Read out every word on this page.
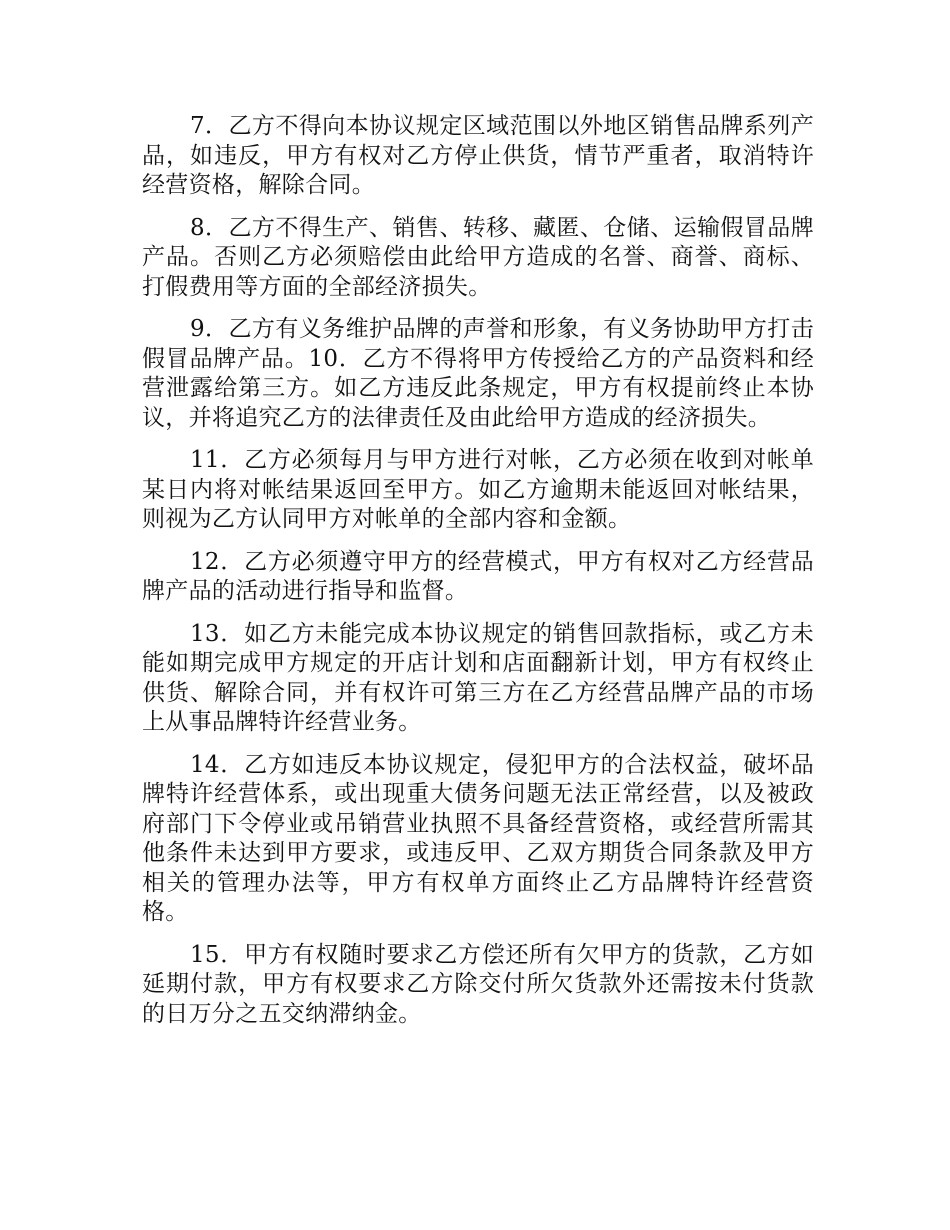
7．乙方不得向本协议规定区域范围以外地区销售品牌系列产品，如违反，甲方有权对乙方停止供货，情节严重者，取消特许经营资格，解除合同。

8．乙方不得生产、销售、转移、藏匿、仓储、运输假冒品牌产品。否则乙方必须赔偿由此给甲方造成的名誉、商誉、商标、打假费用等方面的全部经济损失。

9．乙方有义务维护品牌的声誉和形象，有义务协助甲方打击假冒品牌产品。10．乙方不得将甲方传授给乙方的产品资料和经营泄露给第三方。如乙方违反此条规定，甲方有权提前终止本协议，并将追究乙方的法律责任及由此给甲方造成的经济损失。

11．乙方必须每月与甲方进行对帐，乙方必须在收到对帐单某日内将对帐结果返回至甲方。如乙方逾期未能返回对帐结果，则视为乙方认同甲方对帐单的全部内容和金额。

12．乙方必须遵守甲方的经营模式，甲方有权对乙方经营品牌产品的活动进行指导和监督。

13．如乙方未能完成本协议规定的销售回款指标，或乙方未能如期完成甲方规定的开店计划和店面翻新计划，甲方有权终止供货、解除合同，并有权许可第三方在乙方经营品牌产品的市场上从事品牌特许经营业务。

14．乙方如违反本协议规定，侵犯甲方的合法权益，破坏品牌特许经营体系，或出现重大债务问题无法正常经营，以及被政府部门下令停业或吊销营业执照不具备经营资格，或经营所需其他条件未达到甲方要求，或违反甲、乙双方期货合同条款及甲方相关的管理办法等，甲方有权单方面终止乙方品牌特许经营资格。

15．甲方有权随时要求乙方偿还所有欠甲方的货款，乙方如延期付款，甲方有权要求乙方除交付所欠货款外还需按未付货款的日万分之五交纳滞纳金。
